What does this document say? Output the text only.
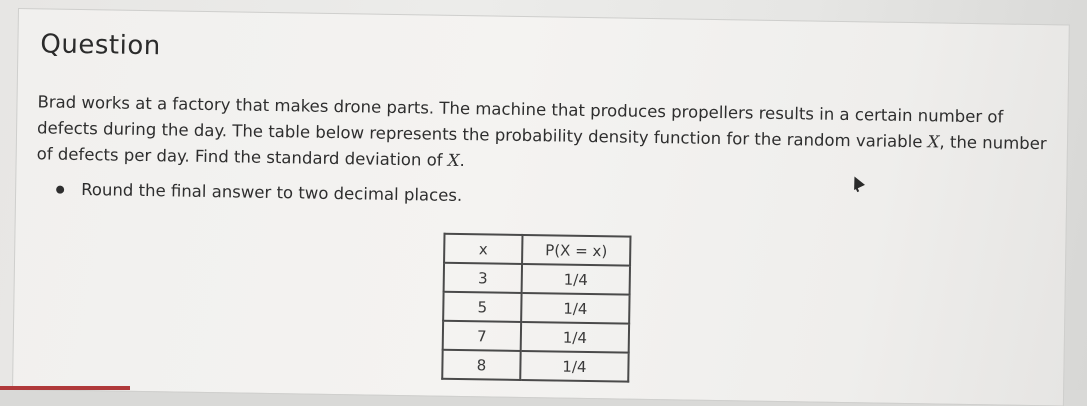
Question
Brad works at a factory that makes drone parts. The machine that produces propellers results in a certain number of defects during the day. The table below represents the probability density function for the random variable X, the number of defects per day. Find the standard deviation of X.
Round the final answer to two decimal places.
x	P(X = x)
3	1/4
5	1/4
7	1/4
8	1/4
